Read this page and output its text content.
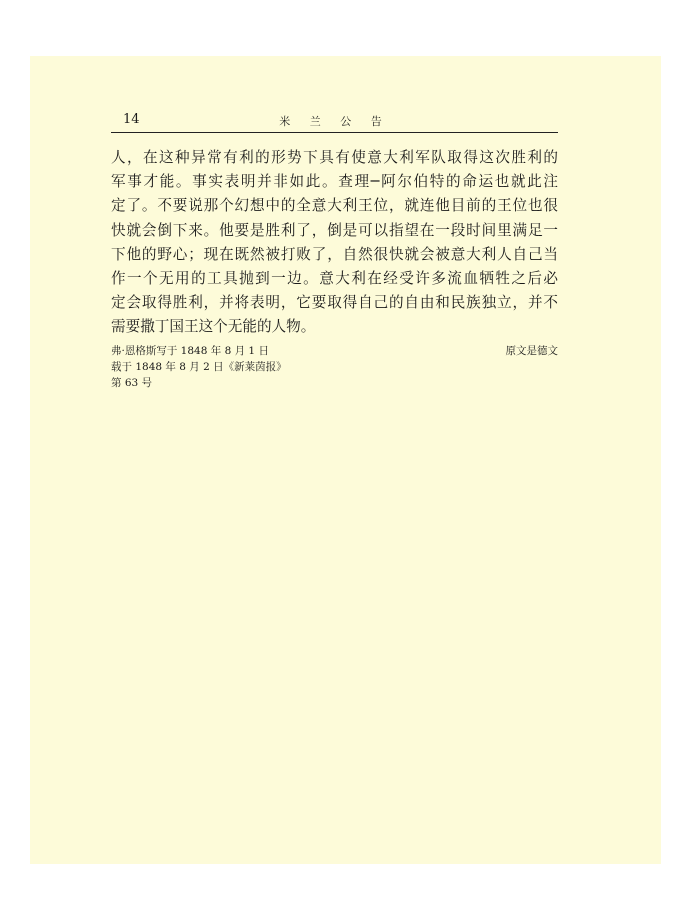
14	米 兰 公 告
人，在这种异常有利的形势下具有使意大利军队取得这次胜利的
军事才能。事实表明并非如此。查理─阿尔伯特的命运也就此注
定了。不要说那个幻想中的全意大利王位，就连他目前的王位也很
快就会倒下来。他要是胜利了，倒是可以指望在一段时间里满足一
下他的野心；现在既然被打败了，自然很快就会被意大利人自己当
作一个无用的工具抛到一边。意大利在经受许多流血牺牲之后必
定会取得胜利，并将表明，它要取得自己的自由和民族独立，并不
需要撒丁国王这个无能的人物。
弗·恩格斯写于 1848 年 8 月 1 日
载于 1848 年 8 月 2 日《新莱茵报》
第 63 号
原文是德文
